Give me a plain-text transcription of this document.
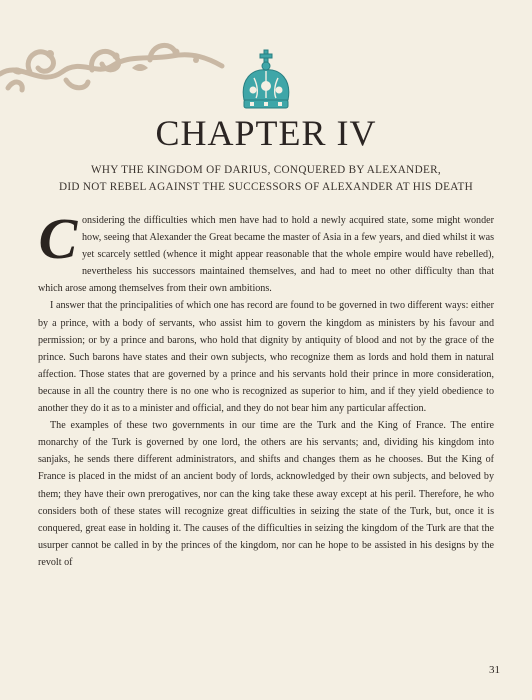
CHAPTER IV
WHY THE KINGDOM OF DARIUS, CONQUERED BY ALEXANDER,
DID NOT REBEL AGAINST THE SUCCESSORS OF ALEXANDER AT HIS DEATH

Considering the difficulties which men have had to hold a newly acquired state, some might wonder how, seeing that Alexander the Great became the master of Asia in a few years, and died whilst it was yet scarcely settled (whence it might appear reasonable that the whole empire would have rebelled), nevertheless his successors maintained themselves, and had to meet no other difficulty than that which arose among themselves from their own ambitions.

I answer that the principalities of which one has record are found to be governed in two different ways: either by a prince, with a body of servants, who assist him to govern the kingdom as ministers by his favour and permission; or by a prince and barons, who hold that dignity by antiquity of blood and not by the grace of the prince. Such barons have states and their own subjects, who recognize them as lords and hold them in natural affection. Those states that are governed by a prince and his servants hold their prince in more consideration, because in all the country there is no one who is recognized as superior to him, and if they yield obedience to another they do it as to a minister and official, and they do not bear him any particular affection.

The examples of these two governments in our time are the Turk and the King of France. The entire monarchy of the Turk is governed by one lord, the others are his servants; and, dividing his kingdom into sanjaks, he sends there different administrators, and shifts and changes them as he chooses. But the King of France is placed in the midst of an ancient body of lords, acknowledged by their own subjects, and beloved by them; they have their own prerogatives, nor can the king take these away except at his peril. Therefore, he who considers both of these states will recognize great difficulties in seizing the state of the Turk, but, once it is conquered, great ease in holding it. The causes of the difficulties in seizing the kingdom of the Turk are that the usurper cannot be called in by the princes of the kingdom, nor can he hope to be assisted in his designs by the revolt of

31
